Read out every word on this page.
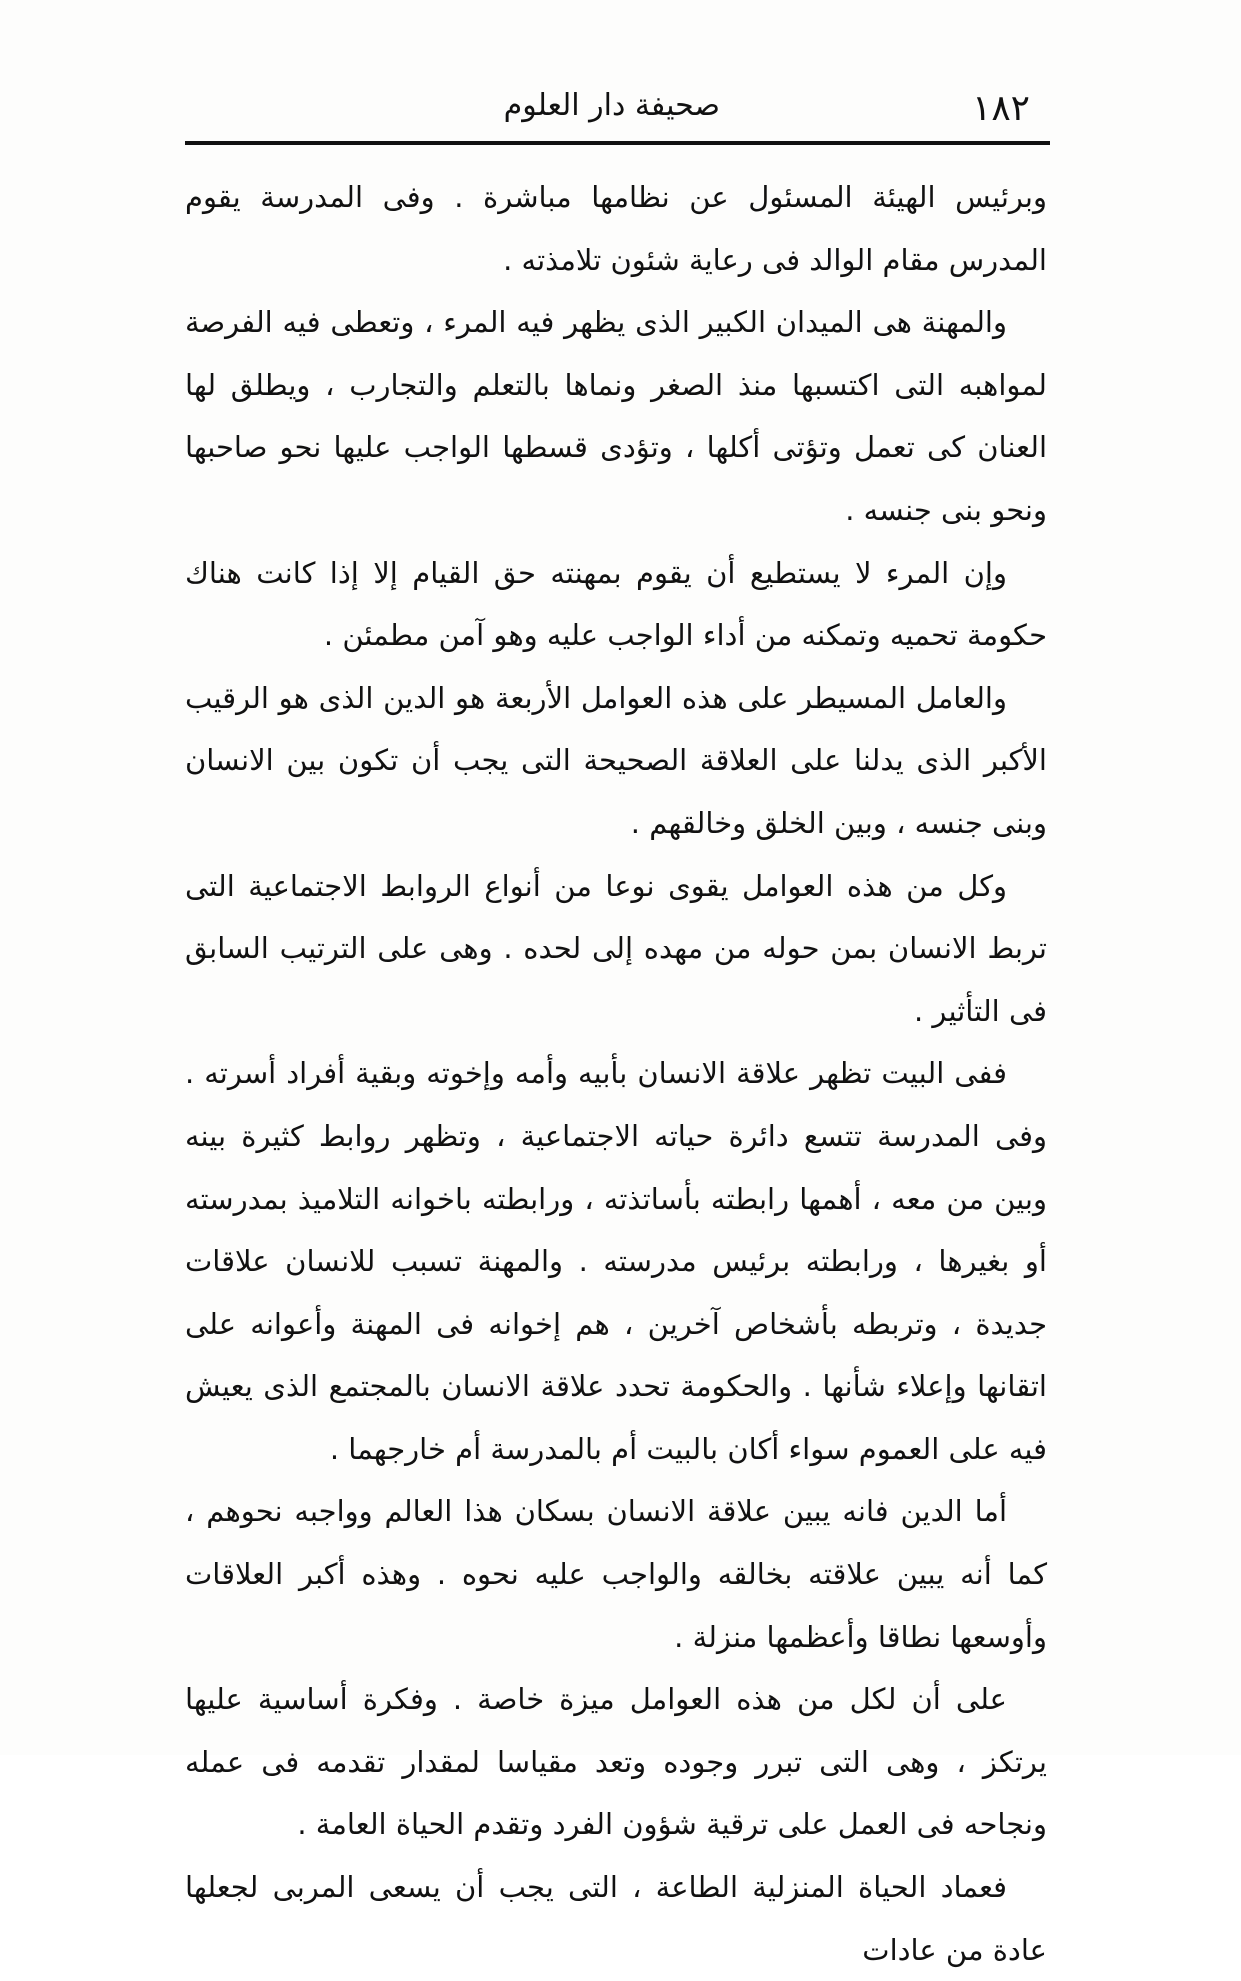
١٨٢
صحيفة دار العلوم

وبرئيس الهيئة المسئول عن نظامها مباشرة . وفى المدرسة يقوم المدرس مقام الوالد فى رعاية شئون تلامذته .

والمهنة هى الميدان الكبير الذى يظهر فيه المرء ، وتعطى فيه الفرصة لمواهبه التى اكتسبها منذ الصغر ونماها بالتعلم والتجارب ، ويطلق لها العنان كى تعمل وتؤتى أكلها ، وتؤدى قسطها الواجب عليها نحو صاحبها ونحو بنى جنسه .

وإن المرء لا يستطيع أن يقوم بمهنته حق القيام إلا إذا كانت هناك حكومة تحميه وتمكنه من أداء الواجب عليه وهو آمن مطمئن .

والعامل المسيطر على هذه العوامل الأربعة هو الدين الذى هو الرقيب الأكبر الذى يدلنا على العلاقة الصحيحة التى يجب أن تكون بين الانسان وبنى جنسه ، وبين الخلق وخالقهم .

وكل من هذه العوامل يقوى نوعا من أنواع الروابط الاجتماعية التى تربط الانسان بمن حوله من مهده إلى لحده . وهى على الترتيب السابق فى التأثير .

ففى البيت تظهر علاقة الانسان بأبيه وأمه وإخوته وبقية أفراد أسرته . وفى المدرسة تتسع دائرة حياته الاجتماعية ، وتظهر روابط كثيرة بينه وبين من معه ، أهمها رابطته بأساتذته ، ورابطته باخوانه التلاميذ بمدرسته أو بغيرها ، ورابطته برئيس مدرسته . والمهنة تسبب للانسان علاقات جديدة ، وتربطه بأشخاص آخرين ، هم إخوانه فى المهنة وأعوانه على اتقانها وإعلاء شأنها . والحكومة تحدد علاقة الانسان بالمجتمع الذى يعيش فيه على العموم سواء أكان بالبيت أم بالمدرسة أم خارجهما .

أما الدين فانه يبين علاقة الانسان بسكان هذا العالم وواجبه نحوهم ، كما أنه يبين علاقته بخالقه والواجب عليه نحوه . وهذه أكبر العلاقات وأوسعها نطاقا وأعظمها منزلة .

على أن لكل من هذه العوامل ميزة خاصة . وفكرة أساسية عليها يرتكز ، وهى التى تبرر وجوده وتعد مقياسا لمقدار تقدمه فى عمله ونجاحه فى العمل على ترقية شؤون الفرد وتقدم الحياة العامة .

فعماد الحياة المنزلية الطاعة ، التى يجب أن يسعى المربى لجعلها عادة من عادات
